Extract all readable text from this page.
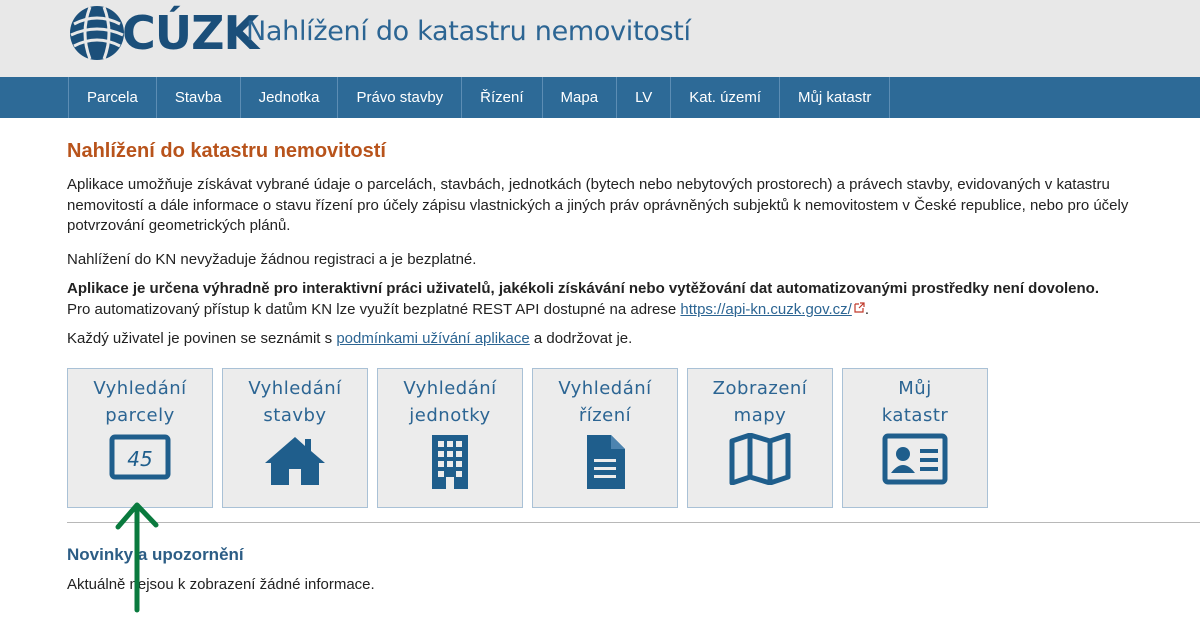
CÚZK
Nahlížení do katastru nemovitostí
Parcela	Stavba	Jednotka	Právo stavby	Řízení	Mapa	LV	Kat. území	Můj katastr
Nahlížení do katastru nemovitostí

Aplikace umožňuje získávat vybrané údaje o parcelách, stavbách, jednotkách (bytech nebo nebytových prostorech) a právech stavby, evidovaných v katastru nemovitostí a dále informace o stavu řízení pro účely zápisu vlastnických a jiných práv oprávněných subjektů k nemovitostem v České republice, nebo pro účely potvrzování geometrických plánů.

Nahlížení do KN nevyžaduje žádnou registraci a je bezplatné.

Aplikace je určena výhradně pro interaktivní práci uživatelů, jakékoli získávání nebo vytěžování dat automatizovanými prostředky není dovoleno.
Pro automatizovaný přístup k datům KN lze využít bezplatné REST API dostupné na adrese https://api-kn.cuzk.gov.cz/ .

Každý uživatel je povinen se seznámit s podmínkami užívání aplikace a dodržovat je.

Vyhledání
parcely
45
Vyhledání
stavby
Vyhledání
jednotky
Vyhledání
řízení
Zobrazení
mapy
Můj
katastr
Novinky a upozornění

Aktuálně nejsou k zobrazení žádné informace.
